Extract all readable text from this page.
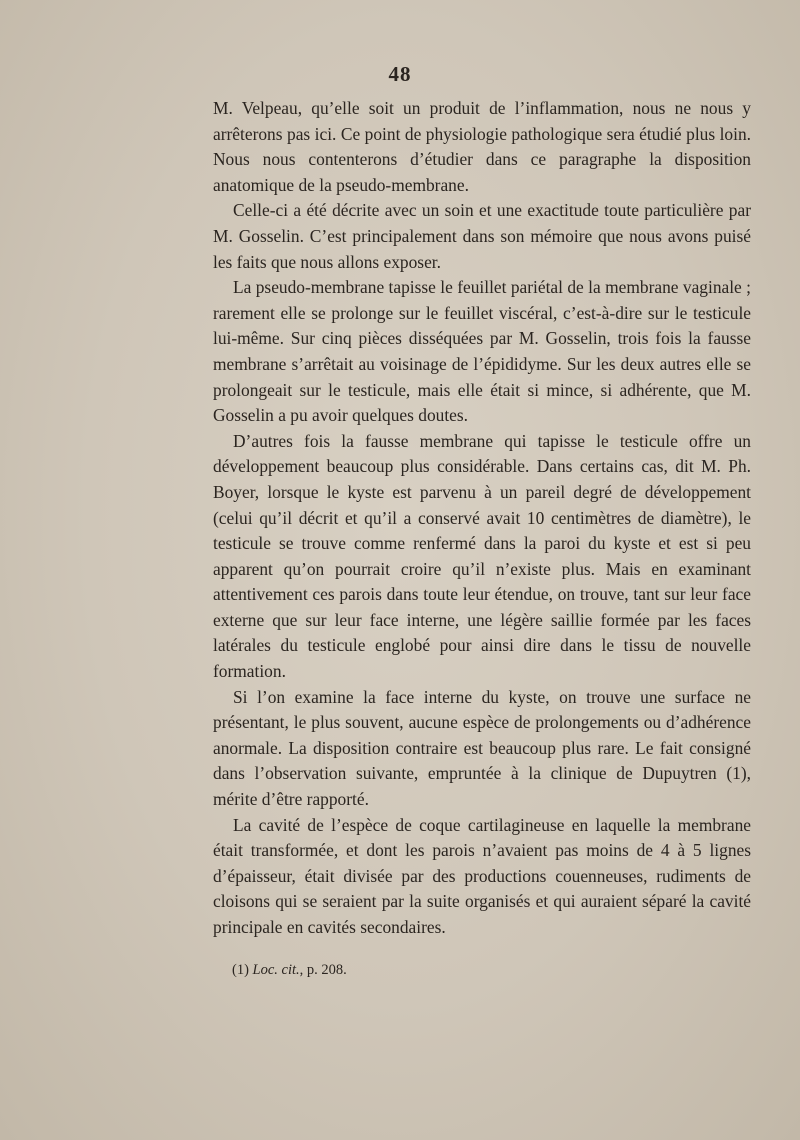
48

M. Velpeau, qu’elle soit un produit de l’inflammation, nous ne nous y arrêterons pas ici. Ce point de physiologie pathologique sera étudié plus loin. Nous nous contenterons d’étudier dans ce paragraphe la disposition anatomique de la pseudo-membrane.

Celle-ci a été décrite avec un soin et une exactitude toute particulière par M. Gosselin. C’est principalement dans son mémoire que nous avons puisé les faits que nous allons exposer.

La pseudo-membrane tapisse le feuillet pariétal de la membrane vaginale ; rarement elle se prolonge sur le feuillet viscéral, c’est-à-dire sur le testicule lui-même. Sur cinq pièces disséquées par M. Gosselin, trois fois la fausse membrane s’arrêtait au voisinage de l’épididyme. Sur les deux autres elle se prolongeait sur le testicule, mais elle était si mince, si adhérente, que M. Gosselin a pu avoir quelques doutes.

D’autres fois la fausse membrane qui tapisse le testicule offre un développement beaucoup plus considérable. Dans certains cas, dit M. Ph. Boyer, lorsque le kyste est parvenu à un pareil degré de développement (celui qu’il décrit et qu’il a conservé avait 10 centimètres de diamètre), le testicule se trouve comme renfermé dans la paroi du kyste et est si peu apparent qu’on pourrait croire qu’il n’existe plus. Mais en examinant attentivement ces parois dans toute leur étendue, on trouve, tant sur leur face externe que sur leur face interne, une légère saillie formée par les faces latérales du testicule englobé pour ainsi dire dans le tissu de nouvelle formation.

Si l’on examine la face interne du kyste, on trouve une surface ne présentant, le plus souvent, aucune espèce de prolongements ou d’adhérence anormale. La disposition contraire est beaucoup plus rare. Le fait consigné dans l’observation suivante, empruntée à la clinique de Dupuytren (1), mérite d’être rapporté.

La cavité de l’espèce de coque cartilagineuse en laquelle la membrane était transformée, et dont les parois n’avaient pas moins de 4 à 5 lignes d’épaisseur, était divisée par des productions couenneuses, rudiments de cloisons qui se seraient par la suite organisés et qui auraient séparé la cavité principale en cavités secondaires.

(1) Loc. cit., p. 208.
